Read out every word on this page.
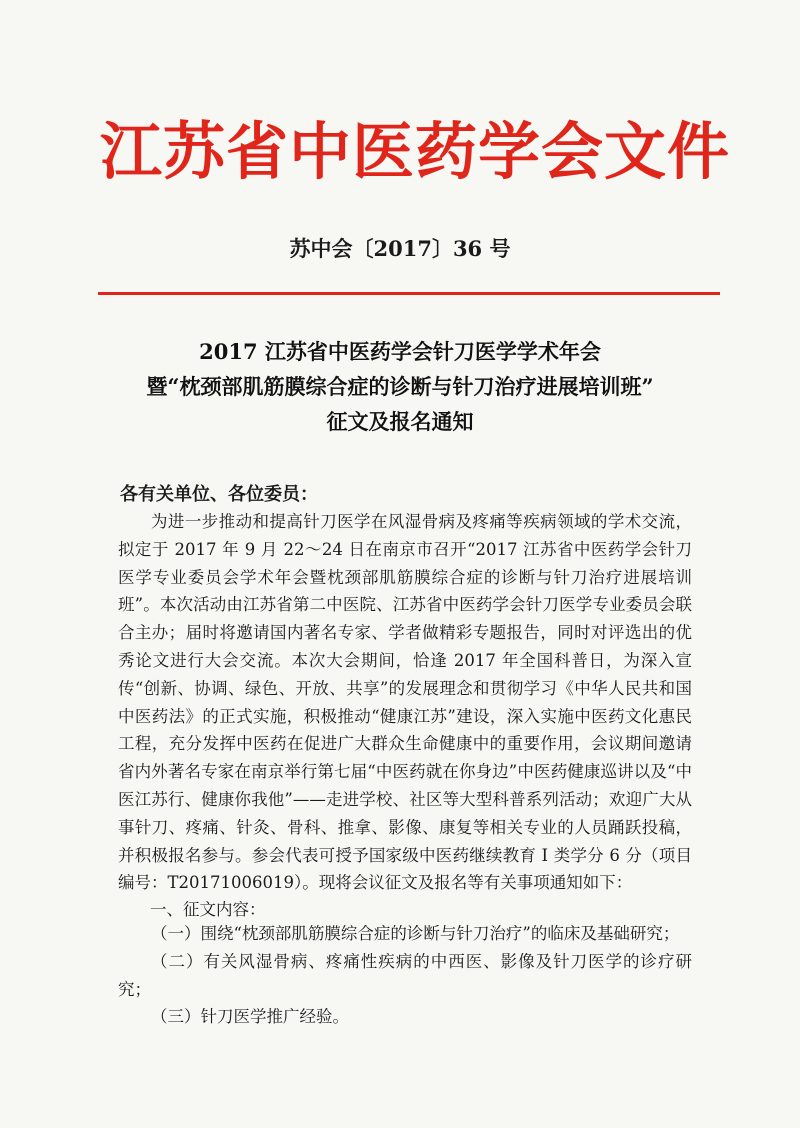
江苏省中医药学会文件
苏中会〔2017〕36 号
2017 江苏省中医药学会针刀医学学术年会
暨“枕颈部肌筋膜综合症的诊断与针刀治疗进展培训班”
征文及报名通知
各有关单位、各位委员：

为进一步推动和提高针刀医学在风湿骨病及疼痛等疾病领域的学术交流，拟定于 2017 年 9 月 22～24 日在南京市召开“2017 江苏省中医药学会针刀医学专业委员会学术年会暨枕颈部肌筋膜综合症的诊断与针刀治疗进展培训班”。本次活动由江苏省第二中医院、江苏省中医药学会针刀医学专业委员会联合主办；届时将邀请国内著名专家、学者做精彩专题报告，同时对评选出的优秀论文进行大会交流。本次大会期间，恰逢 2017 年全国科普日，为深入宣传“创新、协调、绿色、开放、共享”的发展理念和贯彻学习《中华人民共和国中医药法》的正式实施，积极推动“健康江苏”建设，深入实施中医药文化惠民工程，充分发挥中医药在促进广大群众生命健康中的重要作用，会议期间邀请省内外著名专家在南京举行第七届“中医药就在你身边”中医药健康巡讲以及“中医江苏行、健康你我他”——走进学校、社区等大型科普系列活动；欢迎广大从事针刀、疼痛、针灸、骨科、推拿、影像、康复等相关专业的人员踊跃投稿，并积极报名参与。参会代表可授予国家级中医药继续教育 Ⅰ 类学分 6 分（项目编号：T20171006019）。现将会议征文及报名等有关事项通知如下：

一、征文内容：

（一）围绕“枕颈部肌筋膜综合症的诊断与针刀治疗”的临床及基础研究；

（二）有关风湿骨病、疼痛性疾病的中西医、影像及针刀医学的诊疗研究；

（三）针刀医学推广经验。
